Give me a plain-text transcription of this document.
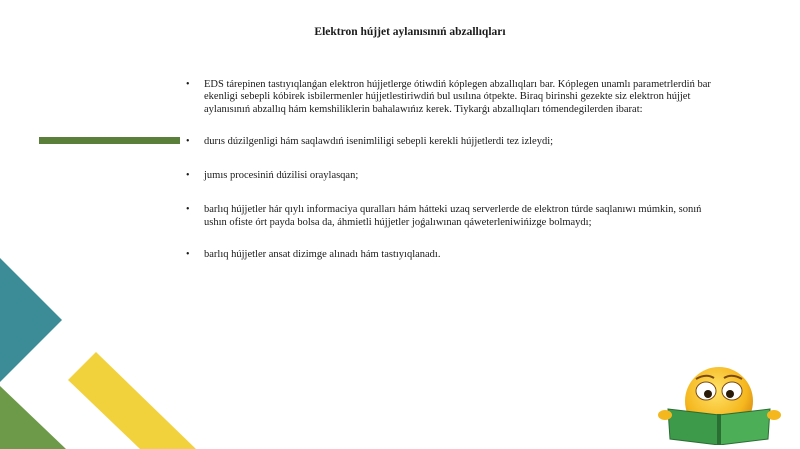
Elektron hújjet aylanısınıń abzallıqları
• EDS tárepinen tastıyıqlanǵan elektron hújjetlerge ótiwdiń kóplegen abzallıqları bar. Kóplegen unamlı parametrlerdiń bar ekenligi sebepli kóbirek isbilermenler hújjetlestiriwdiń bul usılına ótpekte. Biraq birinshi gezekte siz elektron hújjet aylanısınıń abzallıq hám kemshiliklerin bahalawıńız kerek. Tiykarǵı abzallıqları tómendegilerden ibarat:
• durıs dúzilgenligi hám saqlawdıń isenimliligi sebepli kerekli hújjetlerdi tez izleydi;
• jumıs procesiniń dúzilisi oraylasqan;
• barlıq hújjetler hár qıylı informaciya quralları hám hátteki uzaq serverlerde de elektron túrde saqlanıwı múmkin, sonıń ushın ofiste órt payda bolsa da, áhmietli hújjetler joǵalıwınan qáweterleniwińizge bolmaydı;
• barlıq hújjetler ansat dizimge alınadı hám tastıyıqlanadı.
